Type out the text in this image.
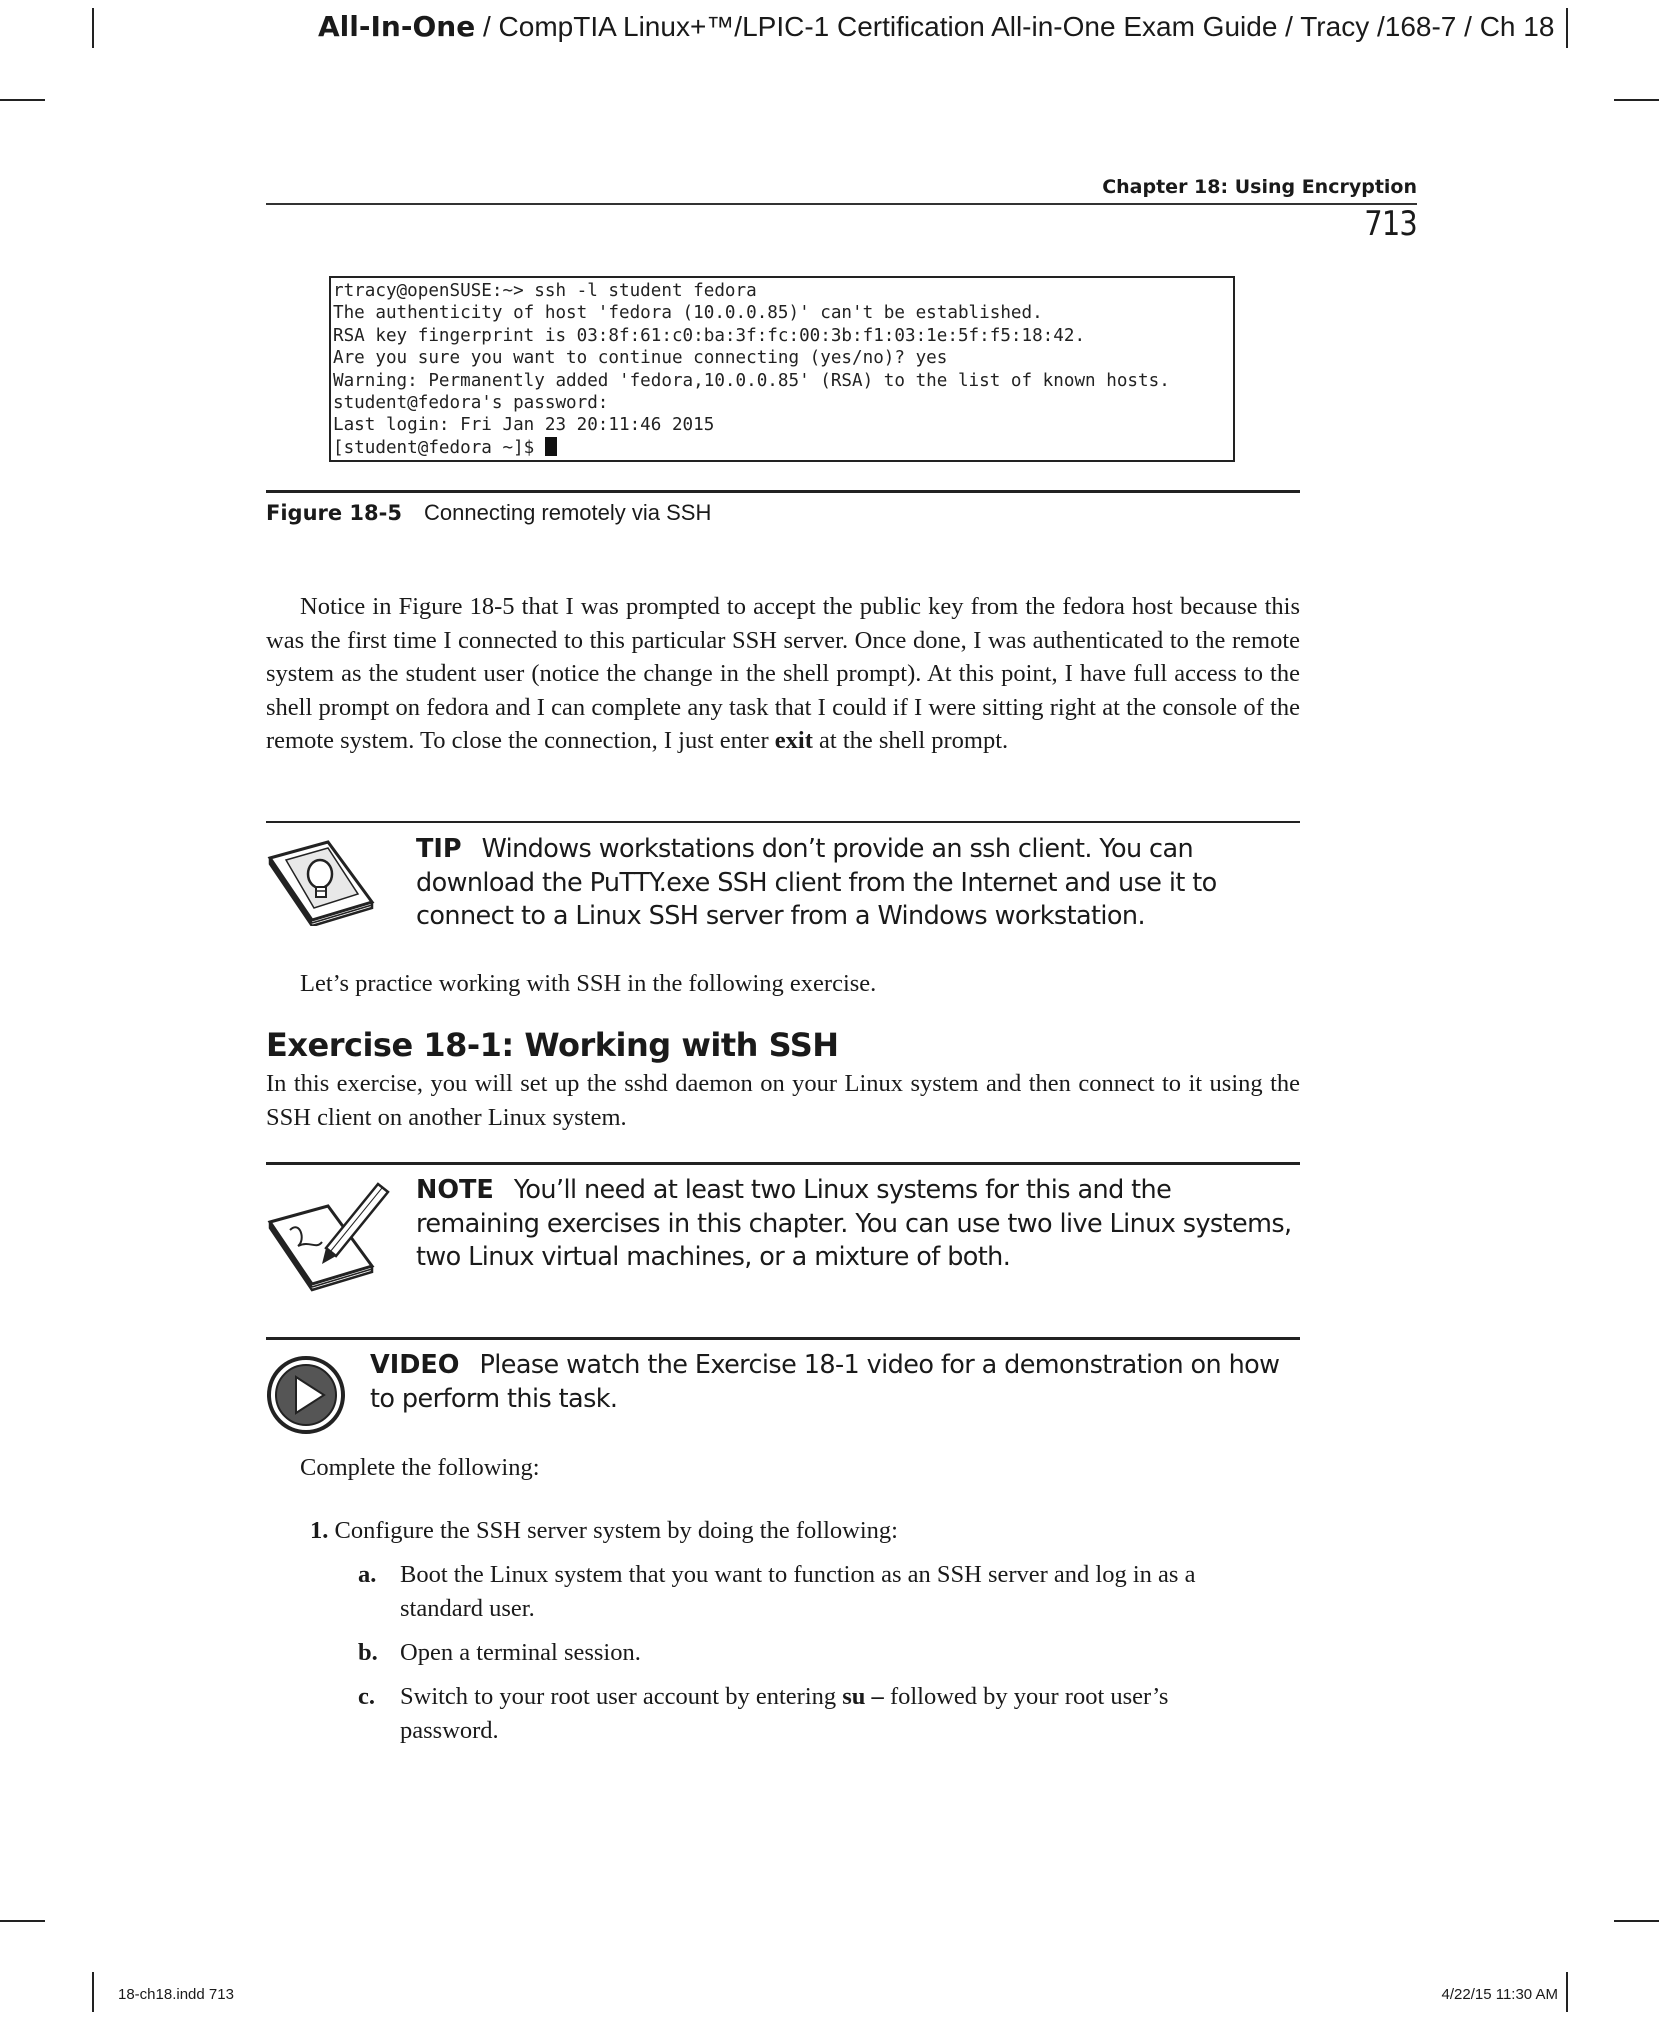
All-In-One / CompTIA Linux+™/LPIC-1 Certification All-in-One Exam Guide / Tracy /168-7 / Ch 18
Chapter 18: Using Encryption
713
rtracy@openSUSE:~> ssh -l student fedora
The authenticity of host 'fedora (10.0.0.85)' can't be established.
RSA key fingerprint is 03:8f:61:c0:ba:3f:fc:00:3b:f1:03:1e:5f:f5:18:42.
Are you sure you want to continue connecting (yes/no)? yes
Warning: Permanently added 'fedora,10.0.0.85' (RSA) to the list of known hosts.
student@fedora's password:
Last login: Fri Jan 23 20:11:46 2015
[student@fedora ~]$
Figure 18-5 Connecting remotely via SSH
Notice in Figure 18-5 that I was prompted to accept the public key from the fedora host because this was the first time I connected to this particular SSH server. Once done, I was authenticated to the remote system as the student user (notice the change in the shell prompt). At this point, I have full access to the shell prompt on fedora and I can complete any task that I could if I were sitting right at the console of the remote system. To close the connection, I just enter exit at the shell prompt.
TIP Windows workstations don’t provide an ssh client. You can download the PuTTY.exe SSH client from the Internet and use it to connect to a Linux SSH server from a Windows workstation.
Let’s practice working with SSH in the following exercise.
Exercise 18-1: Working with SSH
In this exercise, you will set up the sshd daemon on your Linux system and then connect to it using the SSH client on another Linux system.
NOTE You’ll need at least two Linux systems for this and the remaining exercises in this chapter. You can use two live Linux systems, two Linux virtual machines, or a mixture of both.
VIDEO Please watch the Exercise 18-1 video for a demonstration on how to perform this task.
Complete the following:
1. Configure the SSH server system by doing the following:
a. Boot the Linux system that you want to function as an SSH server and log in as a standard user.
b. Open a terminal session.
c. Switch to your root user account by entering su – followed by your root user’s password.
18-ch18.indd 713	4/22/15 11:30 AM
